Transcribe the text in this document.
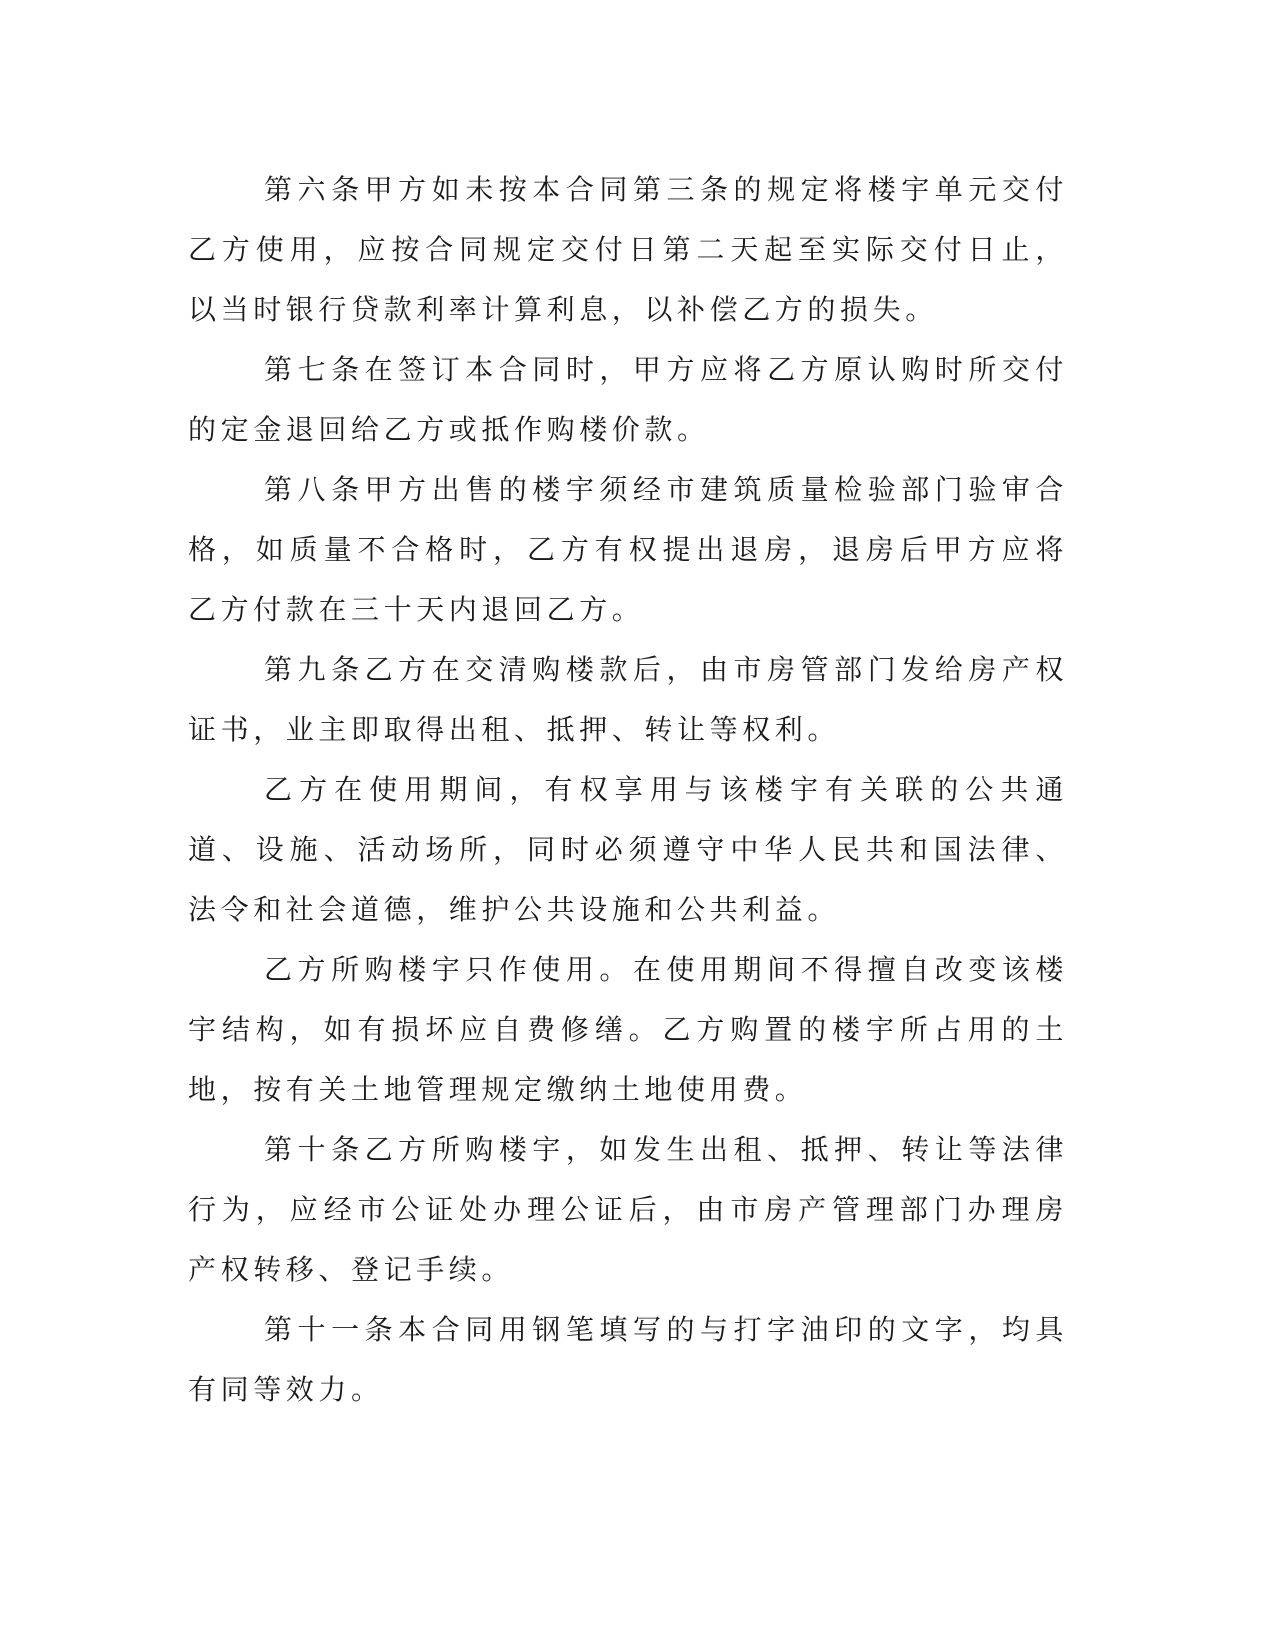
第六条甲方如未按本合同第三条的规定将楼宇单元交付乙方使用，应按合同规定交付日第二天起至实际交付日止，以当时银行贷款利率计算利息，以补偿乙方的损失。

第七条在签订本合同时，甲方应将乙方原认购时所交付的定金退回给乙方或抵作购楼价款。

第八条甲方出售的楼宇须经市建筑质量检验部门验审合格，如质量不合格时，乙方有权提出退房，退房后甲方应将乙方付款在三十天内退回乙方。

第九条乙方在交清购楼款后，由市房管部门发给房产权证书，业主即取得出租、抵押、转让等权利。

乙方在使用期间，有权享用与该楼宇有关联的公共通道、设施、活动场所，同时必须遵守中华人民共和国法律、法令和社会道德，维护公共设施和公共利益。

乙方所购楼宇只作使用。在使用期间不得擅自改变该楼宇结构，如有损坏应自费修缮。乙方购置的楼宇所占用的土地，按有关土地管理规定缴纳土地使用费。

第十条乙方所购楼宇，如发生出租、抵押、转让等法律行为，应经市公证处办理公证后，由市房产管理部门办理房产权转移、登记手续。

第十一条本合同用钢笔填写的与打字油印的文字，均具有同等效力。
